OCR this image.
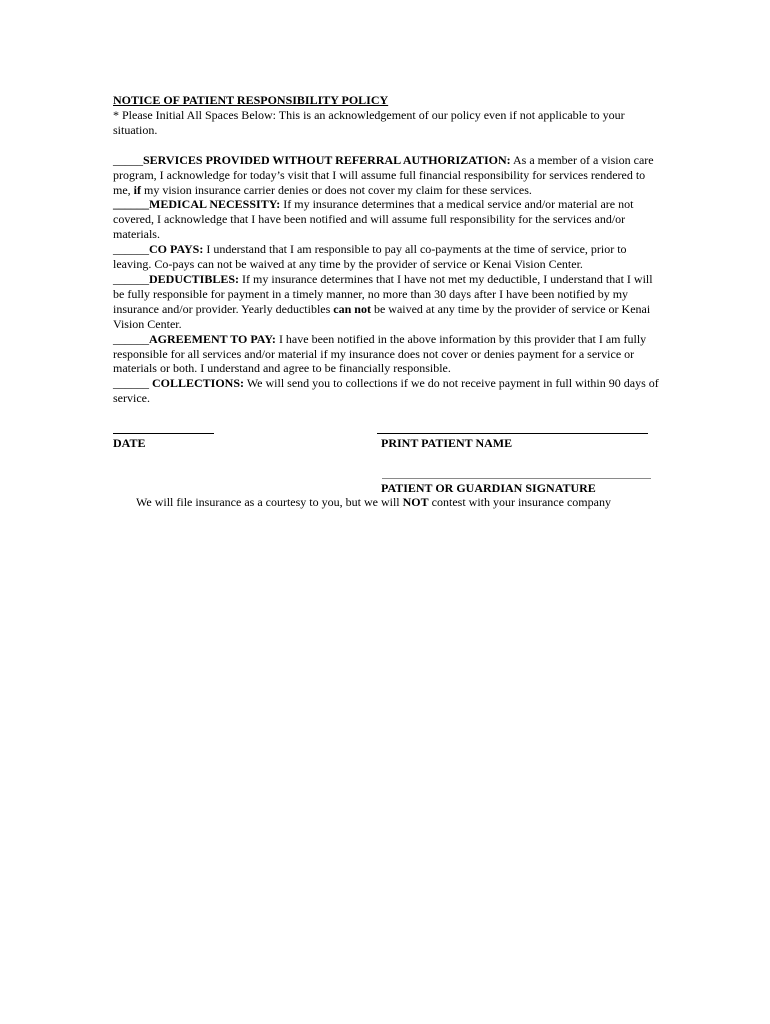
NOTICE OF PATIENT RESPONSIBILITY POLICY
* Please Initial All Spaces Below: This is an acknowledgement of our policy even if not applicable to your situation.
_____SERVICES PROVIDED WITHOUT REFERRAL AUTHORIZATION: As a member of a vision care program, I acknowledge for today’s visit that I will assume full financial responsibility for services rendered to me, if my vision insurance carrier denies or does not cover my claim for these services.
______MEDICAL NECESSITY: If my insurance determines that a medical service and/or material are not covered, I acknowledge that I have been notified and will assume full responsibility for the services and/or materials.
______CO PAYS: I understand that I am responsible to pay all co-payments at the time of service, prior to leaving. Co-pays can not be waived at any time by the provider of service or Kenai Vision Center.
______DEDUCTIBLES: If my insurance determines that I have not met my deductible, I understand that I will be fully responsible for payment in a timely manner, no more than 30 days after I have been notified by my insurance and/or provider. Yearly deductibles can not be waived at any time by the provider of service or Kenai Vision Center.
______AGREEMENT TO PAY: I have been notified in the above information by this provider that I am fully responsible for all services and/or material if my insurance does not cover or denies payment for a service or materials or both. I understand and agree to be financially responsible.
______ COLLECTIONS: We will send you to collections if we do not receive payment in full within 90 days of service.
DATE	PRINT PATIENT NAME
PATIENT OR GUARDIAN SIGNATURE
We will file insurance as a courtesy to you, but we will NOT contest with your insurance company
